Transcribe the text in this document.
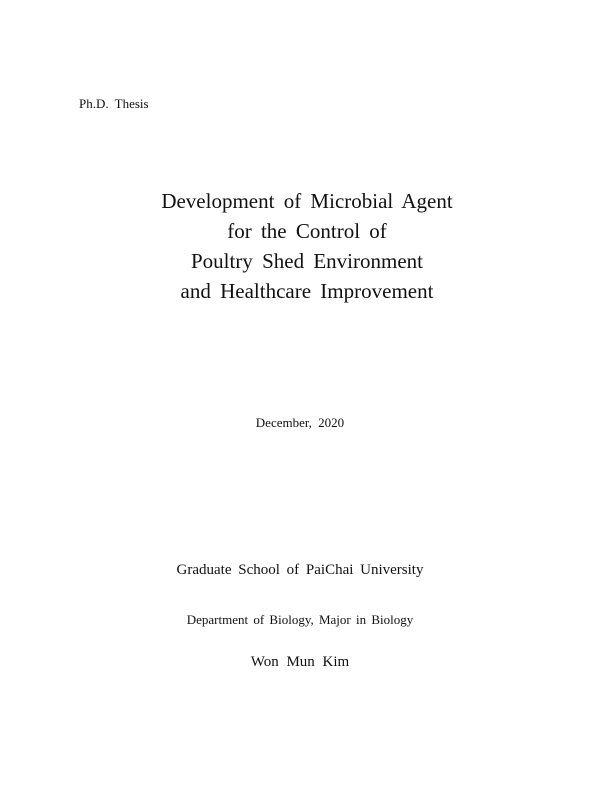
Ph.D. Thesis
Development of Microbial Agent
for the Control of
Poultry Shed Environment
and Healthcare Improvement
December, 2020
Graduate School of PaiChai University
Department of Biology, Major in Biology
Won Mun Kim
